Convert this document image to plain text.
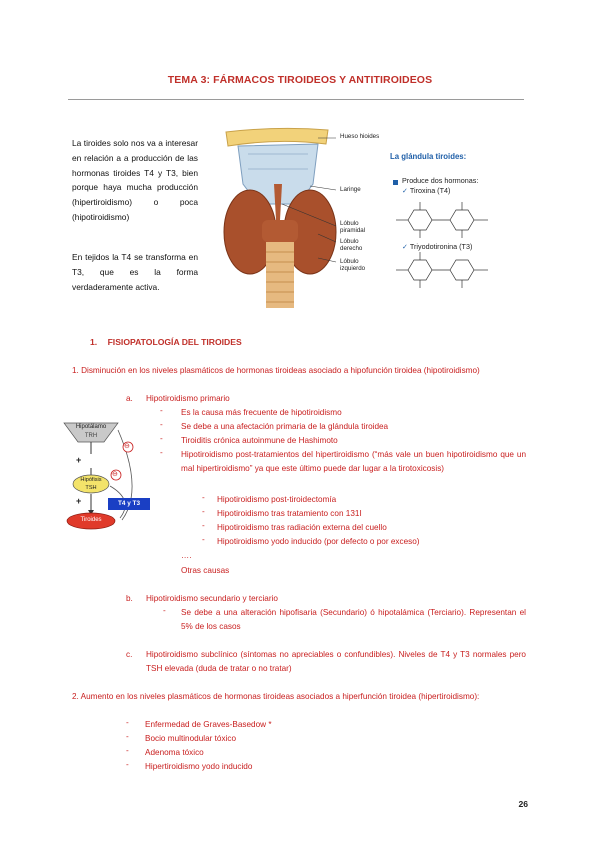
TEMA 3: FÁRMACOS TIROIDEOS Y ANTITIROIDEOS
La tiroides solo nos va a interesar en relación a a producción de las hormonas tiroides T4 y T3, bien porque haya mucha producción (hipertiroidismo) o poca (hipotiroidismo)
En tejidos la T4 se transforma en T3, que es la forma verdaderamente activa.
Hueso hioides
Laringe
Lóbulo piramidal
Lóbulo derecho
Lóbulo izquierdo
La glándula tiroides:
Produce dos hormonas:
✓ Tiroxina (T4)
✓ Triyodotironina (T3)
1. FISIOPATOLOGÍA DEL TIROIDES
1. Disminución en los niveles plasmáticos de hormonas tiroideas asociado a hipofunción tiroidea (hipotiroidismo)
a. Hipotiroidismo primario
- Es la causa más frecuente de hipotiroidismo
- Se debe a una afectación primaria de la glándula tiroidea
- Tiroiditis crónica autoinmune de Hashimoto
- Hipotiroidismo post-tratamientos del hipertiroidismo (“más vale un buen hipotiroidismo que un mal hipertiroidismo” ya que este último puede dar lugar a la tirotoxicosis)
- Hipotiroidismo post-tiroidectomía
- Hipotiroidismo tras tratamiento con 131I
- Hipotiroidismo tras radiación externa del cuello
- Hipotiroidismo yodo inducido (por defecto o por exceso)
….
Otras causas
b. Hipotiroidismo secundario y terciario
- Se debe a una alteración hipofisaria (Secundario) ó hipotalámica (Terciario). Representan el 5% de los casos
c. Hipotiroidismo subclínico (síntomas no apreciables o confundibles). Niveles de T4 y T3 normales pero TSH elevada (duda de tratar o no tratar)
Hipotálamo
TRH
+
Hipófisis
TSH
+
Tiroides
⊖
⊖
T4 y T3
2. Aumento en los niveles plasmáticos de hormonas tiroideas asociados a hiperfunción tiroidea (hipertiroidismo):
- Enfermedad de Graves-Basedow *
- Bocio multinodular tóxico
- Adenoma tóxico
- Hipertiroidismo yodo inducido
26
